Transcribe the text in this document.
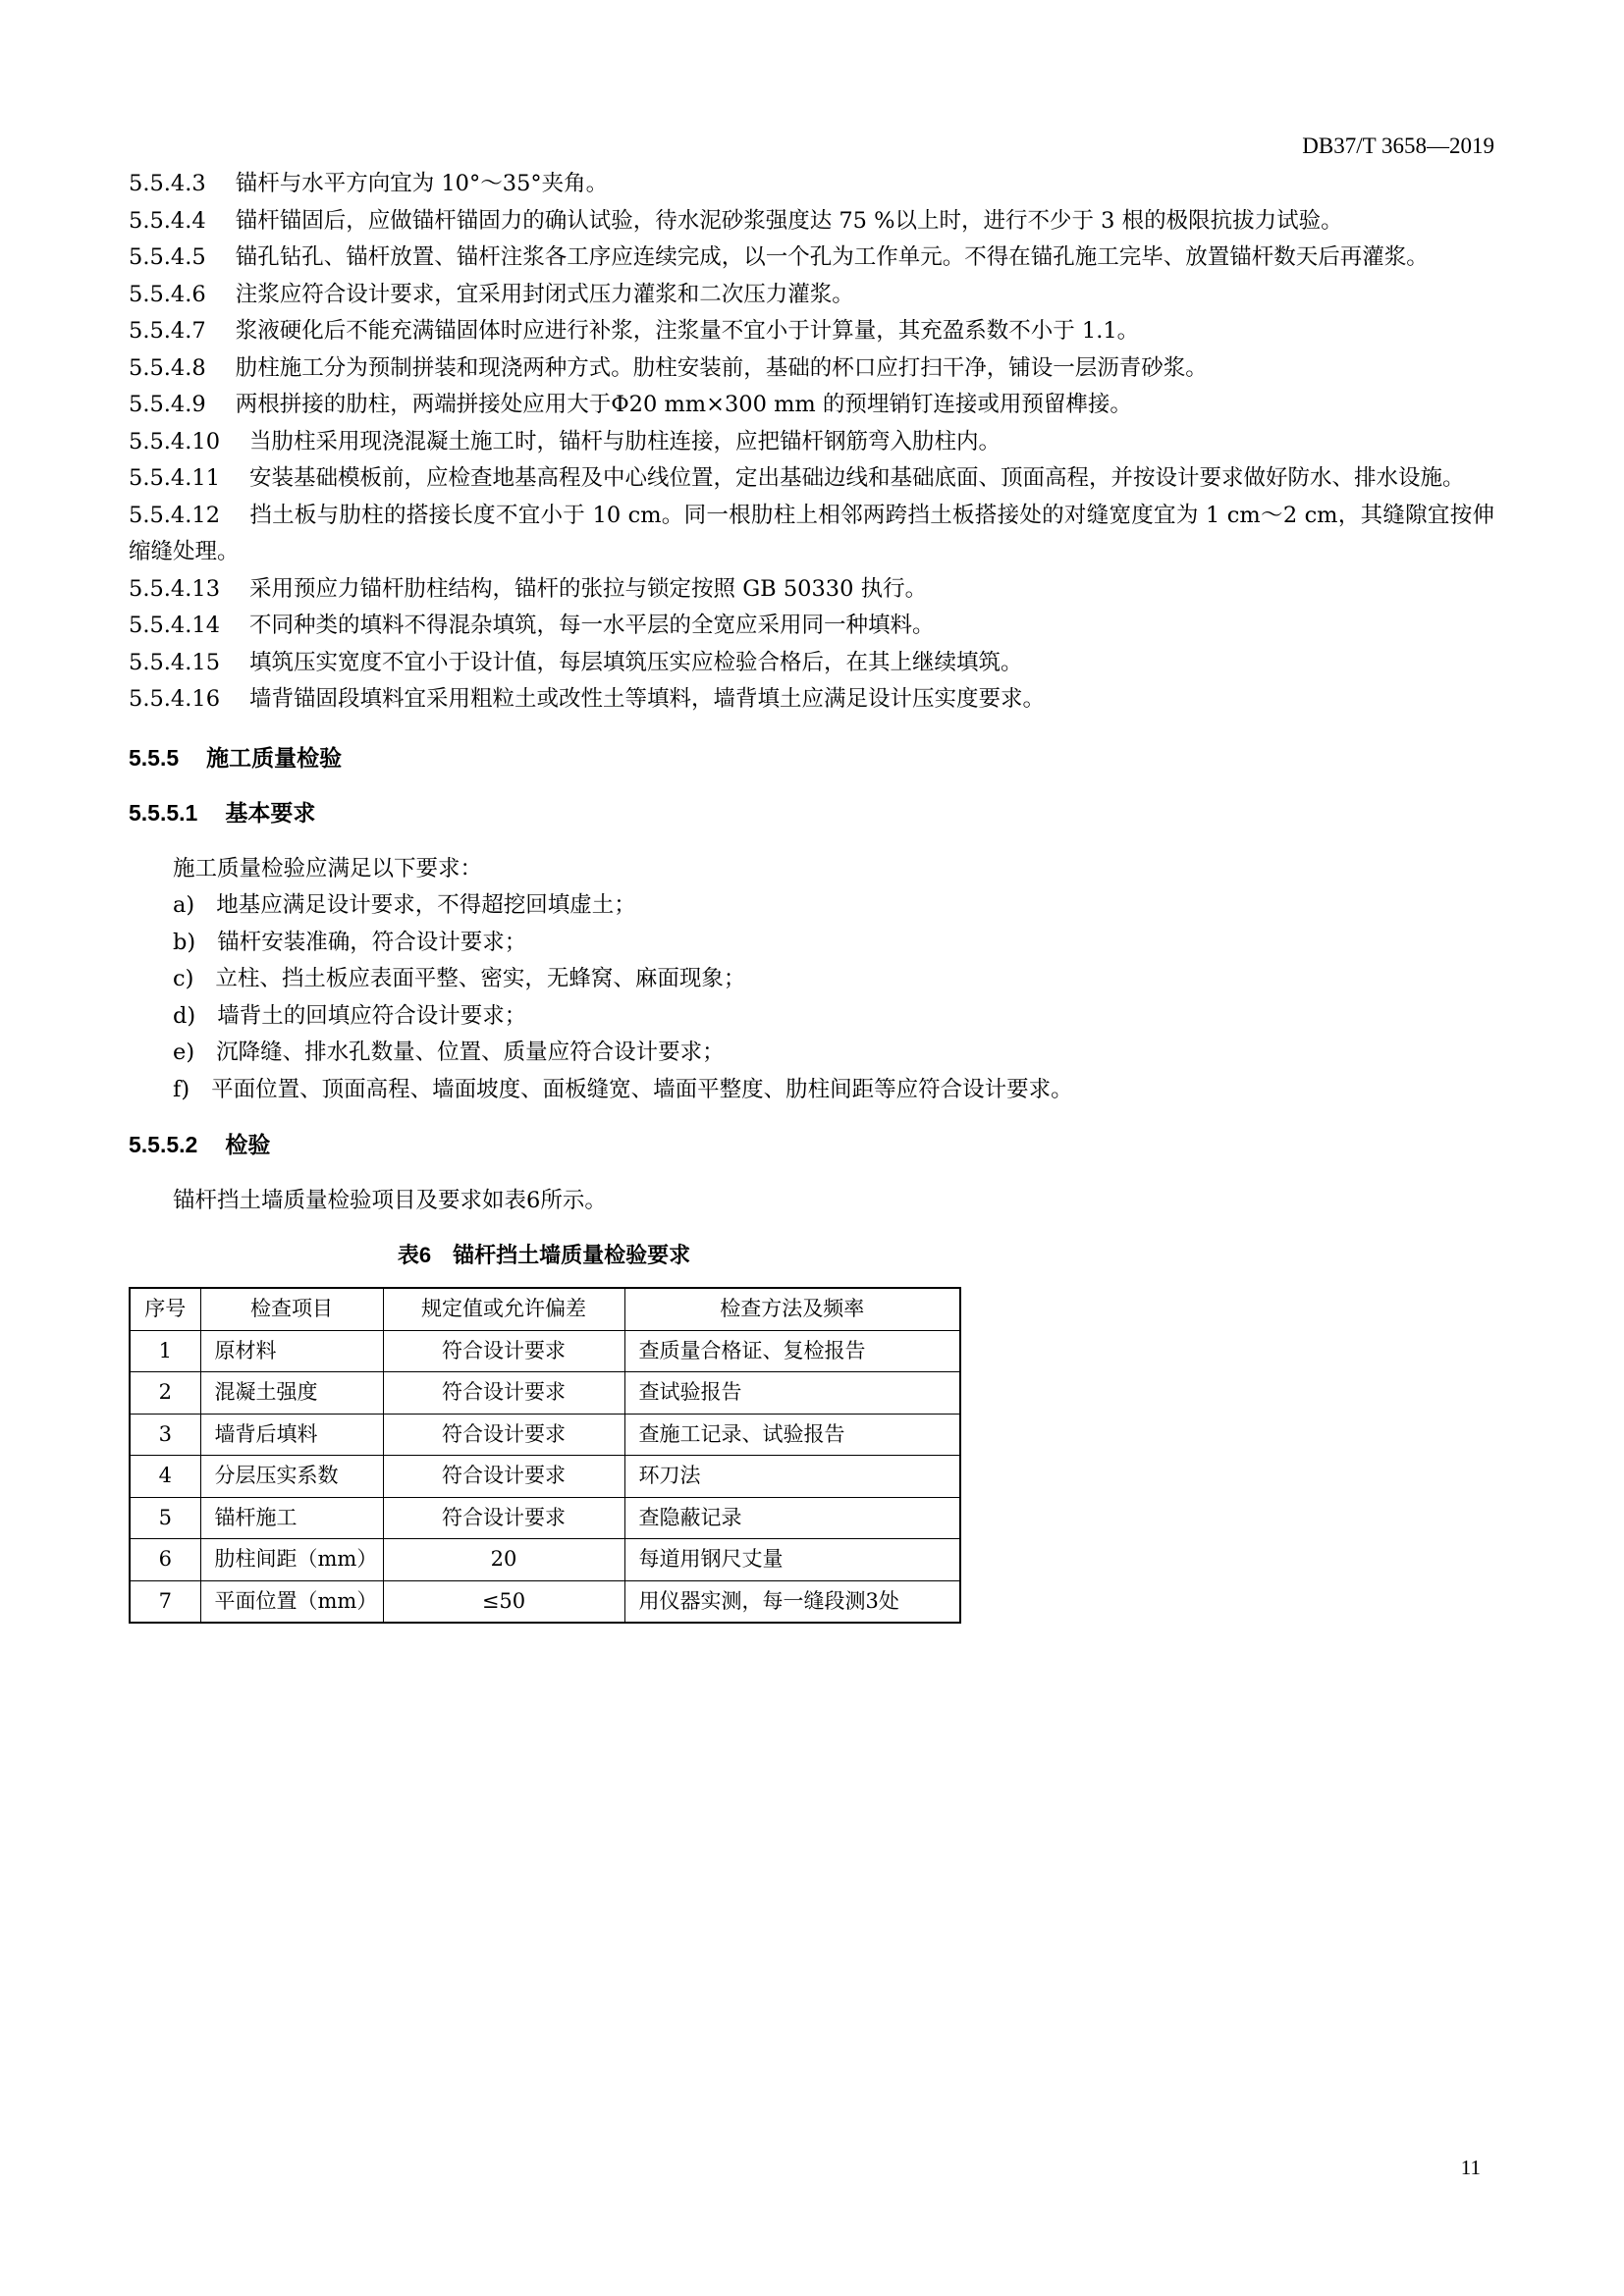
DB37/T 3658—2019

5.5.4.3 锚杆与水平方向宜为 10°～35°夹角。

5.5.4.4 锚杆锚固后，应做锚杆锚固力的确认试验，待水泥砂浆强度达 75 %以上时，进行不少于 3 根的极限抗拔力试验。

5.5.4.5 锚孔钻孔、锚杆放置、锚杆注浆各工序应连续完成，以一个孔为工作单元。不得在锚孔施工完毕、放置锚杆数天后再灌浆。

5.5.4.6 注浆应符合设计要求，宜采用封闭式压力灌浆和二次压力灌浆。

5.5.4.7 浆液硬化后不能充满锚固体时应进行补浆，注浆量不宜小于计算量，其充盈系数不小于 1.1。

5.5.4.8 肋柱施工分为预制拼装和现浇两种方式。肋柱安装前，基础的杯口应打扫干净，铺设一层沥青砂浆。

5.5.4.9 两根拼接的肋柱，两端拼接处应用大于Φ20 mm×300 mm 的预埋销钉连接或用预留榫接。

5.5.4.10 当肋柱采用现浇混凝土施工时，锚杆与肋柱连接，应把锚杆钢筋弯入肋柱内。

5.5.4.11 安装基础模板前，应检查地基高程及中心线位置，定出基础边线和基础底面、顶面高程，并按设计要求做好防水、排水设施。

5.5.4.12 挡土板与肋柱的搭接长度不宜小于 10 cm。同一根肋柱上相邻两跨挡土板搭接处的对缝宽度宜为 1 cm～2 cm，其缝隙宜按伸缩缝处理。

5.5.4.13 采用预应力锚杆肋柱结构，锚杆的张拉与锁定按照 GB 50330 执行。

5.5.4.14 不同种类的填料不得混杂填筑，每一水平层的全宽应采用同一种填料。

5.5.4.15 填筑压实宽度不宜小于设计值，每层填筑压实应检验合格后，在其上继续填筑。

5.5.4.16 墙背锚固段填料宜采用粗粒土或改性土等填料，墙背填土应满足设计压实度要求。

5.5.5 施工质量检验
5.5.5.1 基本要求

施工质量检验应满足以下要求：

a) 地基应满足设计要求，不得超挖回填虚土；

b) 锚杆安装准确，符合设计要求；

c) 立柱、挡土板应表面平整、密实，无蜂窝、麻面现象；

d) 墙背土的回填应符合设计要求；

e) 沉降缝、排水孔数量、位置、质量应符合设计要求；

f) 平面位置、顶面高程、墙面坡度、面板缝宽、墙面平整度、肋柱间距等应符合设计要求。

5.5.5.2 检验

锚杆挡土墙质量检验项目及要求如表6所示。

表6　锚杆挡土墙质量检验要求
序号	检查项目	规定值或允许偏差	检查方法及频率
1	原材料	符合设计要求	查质量合格证、复检报告
2	混凝土强度	符合设计要求	查试验报告
3	墙背后填料	符合设计要求	查施工记录、试验报告
4	分层压实系数	符合设计要求	环刀法
5	锚杆施工	符合设计要求	查隐蔽记录
6	肋柱间距（mm）	20	每道用钢尺丈量
7	平面位置（mm）	≤50	用仪器实测，每一缝段测3处
11
